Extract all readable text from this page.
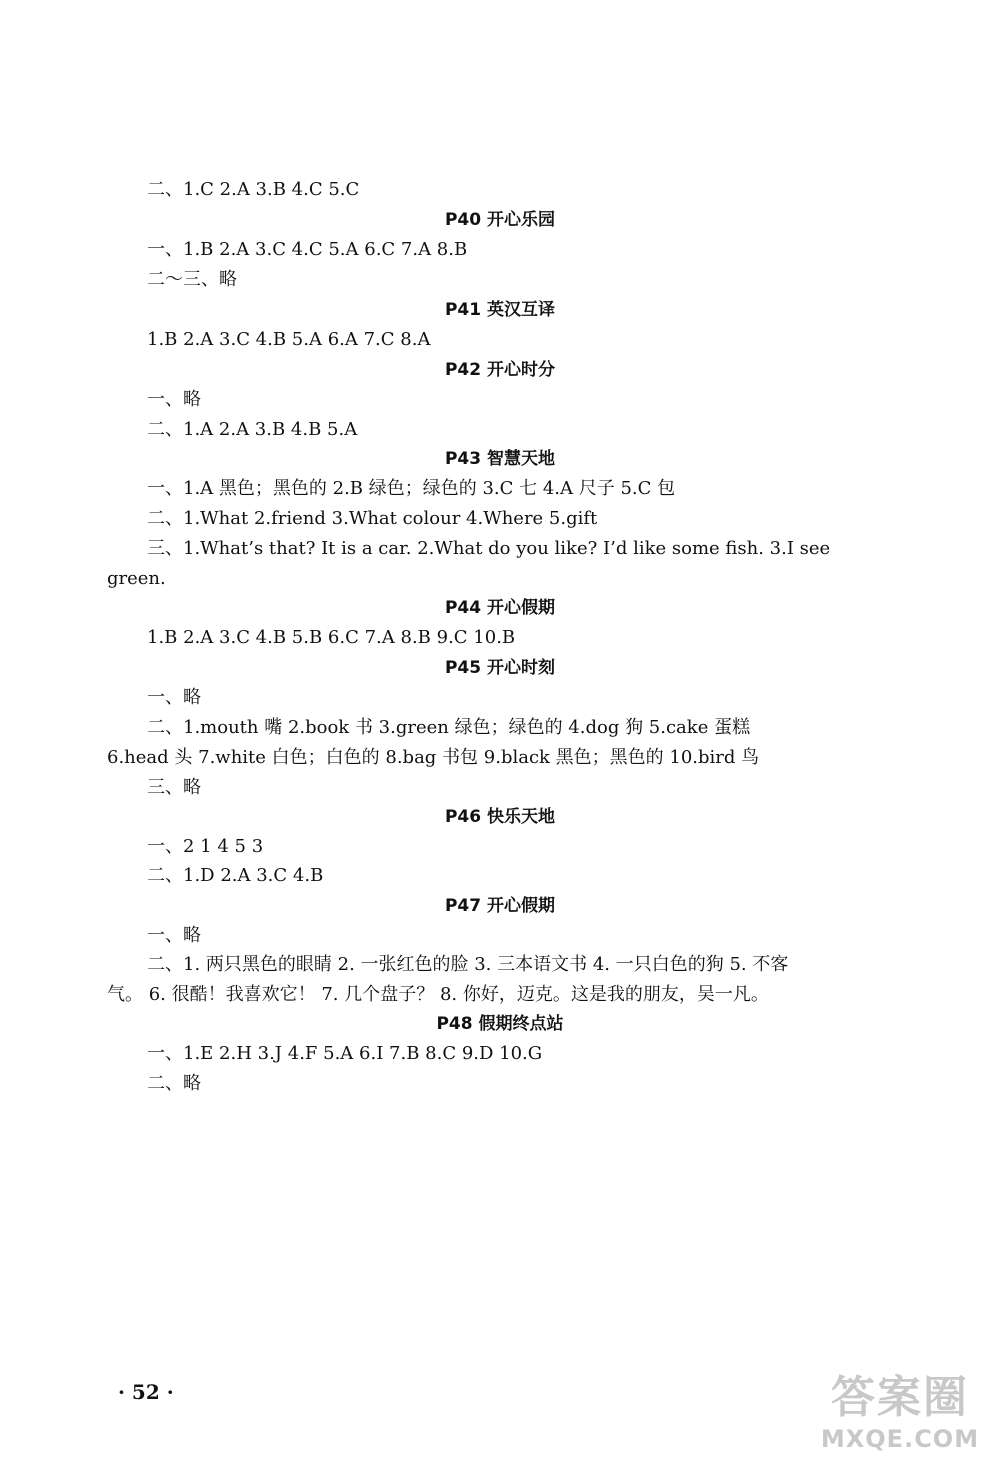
二、1.C 2.A 3.B 4.C 5.C
P40 开心乐园
一、1.B 2.A 3.C 4.C 5.A 6.C 7.A 8.B
二～三、略
P41 英汉互译
1.B 2.A 3.C 4.B 5.A 6.A 7.C 8.A
P42 开心时分
一、略
二、1.A 2.A 3.B 4.B 5.A
P43 智慧天地
一、1.A 黑色；黑色的 2.B 绿色；绿色的 3.C 七 4.A 尺子 5.C 包
二、1.What 2.friend 3.What colour 4.Where 5.gift
三、1.What’s that? It is a car. 2.What do you like? I’d like some fish. 3.I see
green.
P44 开心假期
1.B 2.A 3.C 4.B 5.B 6.C 7.A 8.B 9.C 10.B
P45 开心时刻
一、略
二、1.mouth 嘴 2.book 书 3.green 绿色；绿色的 4.dog 狗 5.cake 蛋糕
6.head 头 7.white 白色；白色的 8.bag 书包 9.black 黑色；黑色的 10.bird 鸟
三、略
P46 快乐天地
一、2 1 4 5 3
二、1.D 2.A 3.C 4.B
P47 开心假期
一、略
二、1. 两只黑色的眼睛 2. 一张红色的脸 3. 三本语文书 4. 一只白色的狗 5. 不客
气。 6. 很酷！我喜欢它！ 7. 几个盘子？ 8. 你好，迈克。这是我的朋友，吴一凡。
P48 假期终点站
一、1.E 2.H 3.J 4.F 5.A 6.I 7.B 8.C 9.D 10.G
二、略
· 52 ·	答案圈
MXQE.COM
